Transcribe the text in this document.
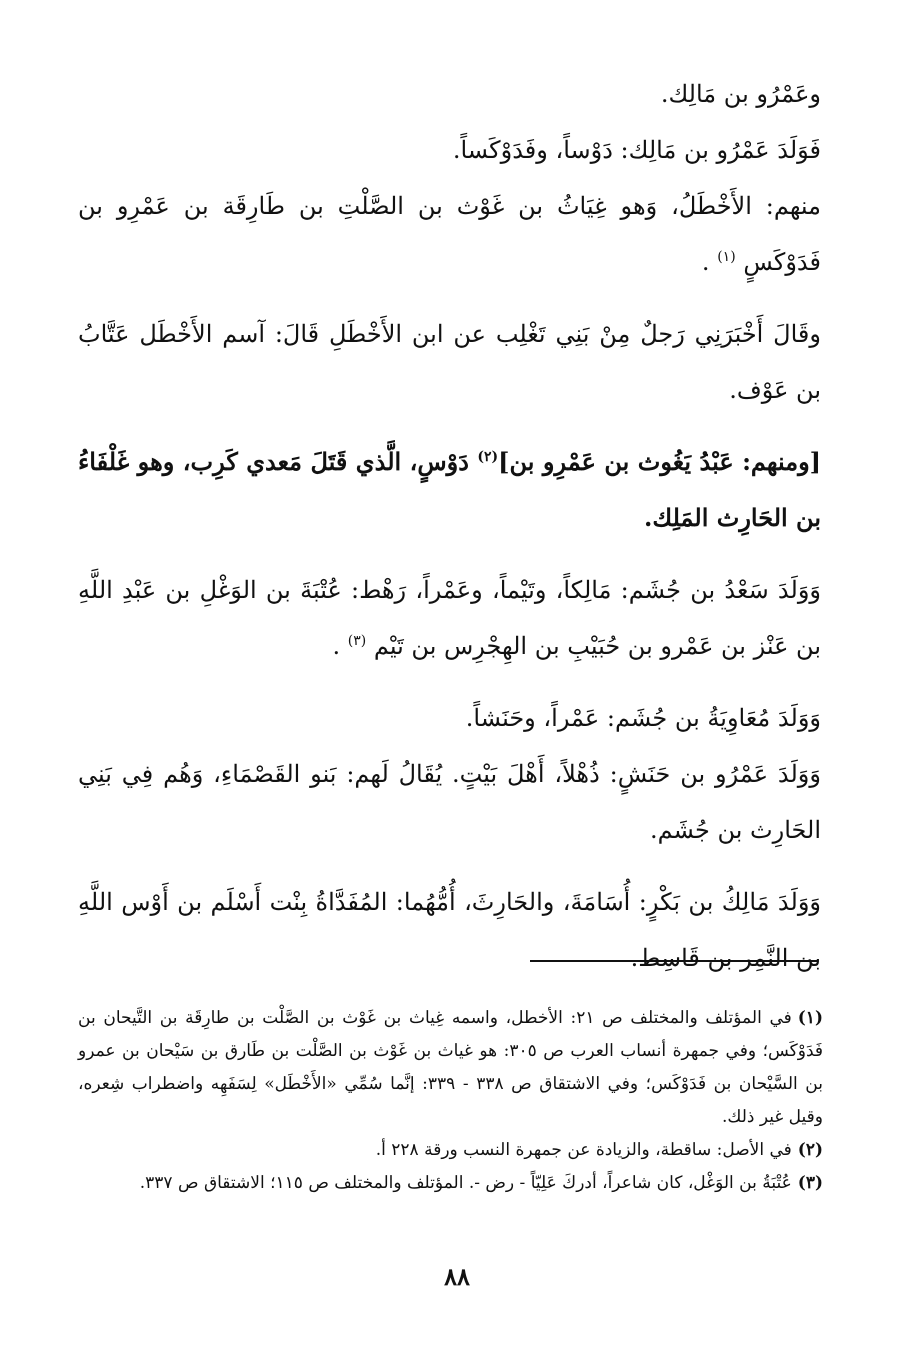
وعَمْرُو بن مَالِك.

فَوَلَدَ عَمْرُو بن مَالِك: دَوْساً، وفَدَوْكَساً.

منهم: الأَخْطَلُ، وَهو غِيَاثُ بن غَوْث بن الصَّلْتِ بن طَارِقَة بن عَمْرِو بن فَدَوْكَسٍ $^{(١)}$ .

وقَالَ أَخْبَرَنِي رَجلٌ مِنْ بَنِي تَغْلِب عن ابن الأَخْطَلِ قَالَ: آسم الأَخْطَل عَتَّابُ بن عَوْف.

[ومنهم: عَبْدُ يَغُوث بن عَمْرِو بن]$^{(٢)}$ دَوْسٍ، الَّذي قَتَلَ مَعدي كَرِب، وهو غَلْفَاءُ بن الحَارِث المَلِك.

وَوَلَدَ سَعْدُ بن جُشَم: مَالِكاً، وتَيْماً، وعَمْراً، رَهْط: عُتْبَةَ بن الوَغْلِ بن عَبْدِ اللَّهِ بن عَنْز بن عَمْرو بن حُبَيْبِ بن الهِجْرِس بن تَيْم $^{(٣)}$ .

وَوَلَدَ مُعَاوِيَةُ بن جُشَم: عَمْراً، وحَنَشاً.

وَوَلَدَ عَمْرُو بن حَنَشٍ: ذُهْلاً، أَهْلَ بَيْتٍ. يُقَالُ لَهم: بَنو القَصْمَاءِ، وَهُم فِي بَنِي الحَارِث بن جُشَم.

وَوَلَدَ مَالِكُ بن بَكْرٍ: أُسَامَةَ، والحَارِثَ، أُمُّهُما: المُفَدَّاةُ بِنْت أَسْلَم بن أَوْس اللَّهِ بن النَّمِر بن قَاسِط.

(١)في المؤتلف والمختلف ص ٢١: الأخطل، واسمه غِياث بن غَوْث بن الصَّلْت بن طارِقَة بن التَّيحان بن فَدَوْكَس؛ وفي جمهرة أنساب العرب ص ٣٠٥: هو غياث بن غَوْث بن الصَّلْت بن طَارق بن سَيْحان بن عمرو بن السَّيْحان بن فَدَوْكَس؛ وفي الاشتقاق ص ٣٣٨ - ٣٣٩: إنَّما سُمِّي «الأَخْطَل» لِسَفَهِه واضطراب شِعره، وقيل غير ذلك.

(٢)في الأصل: ساقطة، والزيادة عن جمهرة النسب ورقة ٢٢٨ أ.

(٣)عُتْبَةُ بن الوَغْل، كان شاعراً، أدركَ عَلِيّاً - رض -. المؤتلف والمختلف ص ١١٥؛ الاشتقاق ص ٣٣٧.

٨٨
